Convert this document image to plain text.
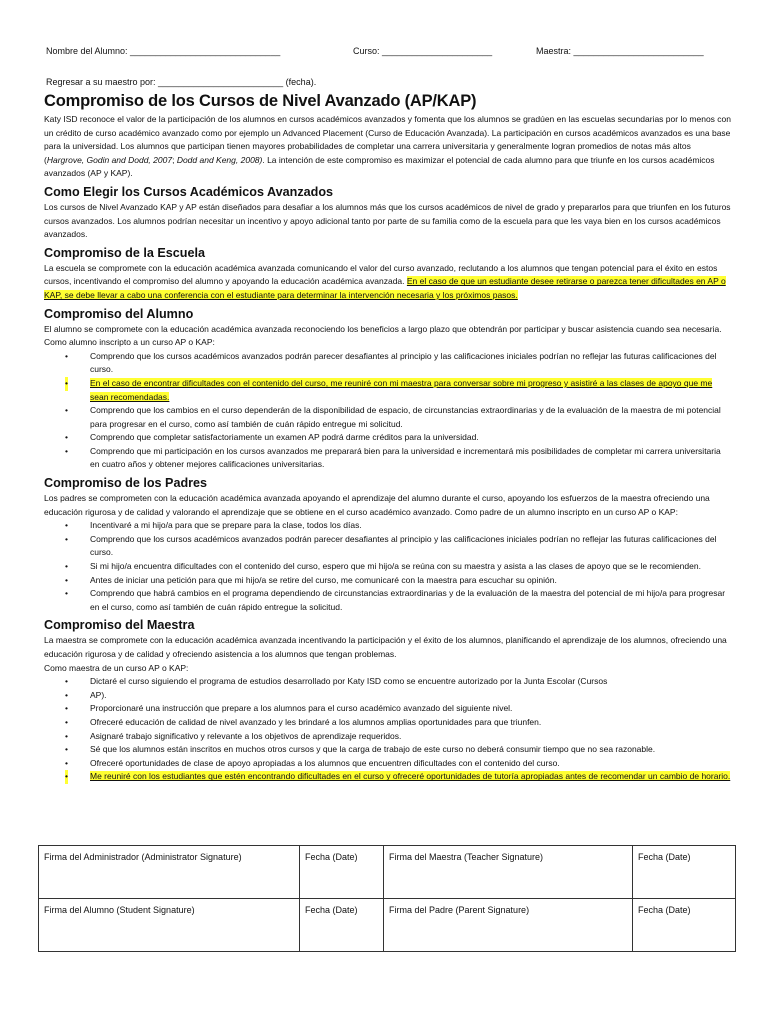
Nombre del Alumno: ______________________________	Curso: ______________________	Maestra: __________________________
Regresar a su maestro por: _________________________ (fecha).
Compromiso de los Cursos de Nivel Avanzado (AP/KAP)

Katy ISD reconoce el valor de la participación de los alumnos en cursos académicos avanzados y fomenta que los alumnos se gradúen en las escuelas secundarias por lo menos con un crédito de curso académico avanzado como por ejemplo un Advanced Placement (Curso de Educación Avanzada). La participación en cursos académicos avanzados es una base para la universidad. Los alumnos que participan tienen mayores probabilidades de completar una carrera universitaria y generalmente logran promedios de notas más altos (Hargrove, Godin and Dodd, 2007; Dodd and Keng, 2008). La intención de este compromiso es maximizar el potencial de cada alumno para que triunfe en los cursos académicos avanzados (AP y KAP).

Como Elegir los Cursos Académicos Avanzados

Los cursos de Nivel Avanzado KAP y AP están diseñados para desafiar a los alumnos más que los cursos académicos de nivel de grado y prepararlos para que triunfen en los futuros cursos avanzados. Los alumnos podrían necesitar un incentivo y apoyo adicional tanto por parte de su familia como de la escuela para que les vaya bien en los cursos académicos avanzados.

Compromiso de la Escuela

La escuela se compromete con la educación académica avanzada comunicando el valor del curso avanzado, reclutando a los alumnos que tengan potencial para el éxito en estos cursos, incentivando el compromiso del alumno y apoyando la educación académica avanzada. En el caso de que un estudiante desee retirarse o parezca tener dificultades en AP o KAP, se debe llevar a cabo una conferencia con el estudiante para determinar la intervención necesaria y los próximos pasos.

Compromiso del Alumno

El alumno se compromete con la educación académica avanzada reconociendo los beneficios a largo plazo que obtendrán por participar y buscar asistencia cuando sea necesaria. Como alumno inscripto a un curso AP o KAP:

•	Comprendo que los cursos académicos avanzados podrán parecer desafiantes al principio y las calificaciones iniciales podrían no reflejar las futuras calificaciones del curso.
•	En el caso de encontrar dificultades con el contenido del curso, me reuniré con mi maestra para conversar sobre mi progreso y asistiré a las clases de apoyo que me sean recomendadas.
•	Comprendo que los cambios en el curso dependerán de la disponibilidad de espacio, de circunstancias extraordinarias y de la evaluación de la maestra de mi potencial para progresar en el curso, como así también de cuán rápido entregue mi solicitud.
•	Comprendo que completar satisfactoriamente un examen AP podrá darme créditos para la universidad.
•	Comprendo que mi participación en los cursos avanzados me preparará bien para la universidad e incrementará mis posibilidades de completar mi carrera universitaria en cuatro años y obtener mejores calificaciones universitarias.
Compromiso de los Padres

Los padres se comprometen con la educación académica avanzada apoyando el aprendizaje del alumno durante el curso, apoyando los esfuerzos de la maestra ofreciendo una educación rigurosa y de calidad y valorando el aprendizaje que se obtiene en el curso académico avanzado. Como padre de un alumno inscripto en un curso AP o KAP:

•	Incentivaré a mi hijo/a para que se prepare para la clase, todos los días.
•	Comprendo que los cursos académicos avanzados podrán parecer desafiantes al principio y las calificaciones iniciales podrían no reflejar las futuras calificaciones del curso.
•	Si mi hijo/a encuentra dificultades con el contenido del curso, espero que mi hijo/a se reúna con su maestra y asista a las clases de apoyo que se le recomienden.
•	Antes de iniciar una petición para que mi hijo/a se retire del curso, me comunicaré con la maestra para escuchar su opinión.
•	Comprendo que habrá cambios en el programa dependiendo de circunstancias extraordinarias y de la evaluación de la maestra del potencial de mi hijo/a para progresar en el curso, como así también de cuán rápido entregue la solicitud.
Compromiso del Maestra

La maestra se compromete con la educación académica avanzada incentivando la participación y el éxito de los alumnos, planificando el aprendizaje de los alumnos, ofreciendo una educación rigurosa y de calidad y ofreciendo asistencia a los alumnos que tengan problemas.

Como maestra de un curso AP o KAP:

•	Dictaré el curso siguiendo el programa de estudios desarrollado por Katy ISD como se encuentre autorizado por la Junta Escolar (Cursos
•	AP).
•	Proporcionaré una instrucción que prepare a los alumnos para el curso académico avanzado del siguiente nivel.
•	Ofreceré educación de calidad de nivel avanzado y les brindaré a los alumnos amplias oportunidades para que triunfen.
•	Asignaré trabajo significativo y relevante a los objetivos de aprendizaje requeridos.
•	Sé que los alumnos están inscritos en muchos otros cursos y que la carga de trabajo de este curso no deberá consumir tiempo que no sea razonable.
•	Ofreceré oportunidades de clase de apoyo apropiadas a los alumnos que encuentren dificultades con el contenido del curso.
•	Me reuniré con los estudiantes que estén encontrando dificultades en el curso y ofreceré oportunidades de tutoría apropiadas antes de recomendar un cambio de horario.
Firma del Administrador (Administrator Signature)	Fecha (Date)	Firma del Maestra (Teacher Signature)	Fecha (Date)
Firma del Alumno (Student Signature)	Fecha (Date)	Firma del Padre (Parent Signature)	Fecha (Date)
